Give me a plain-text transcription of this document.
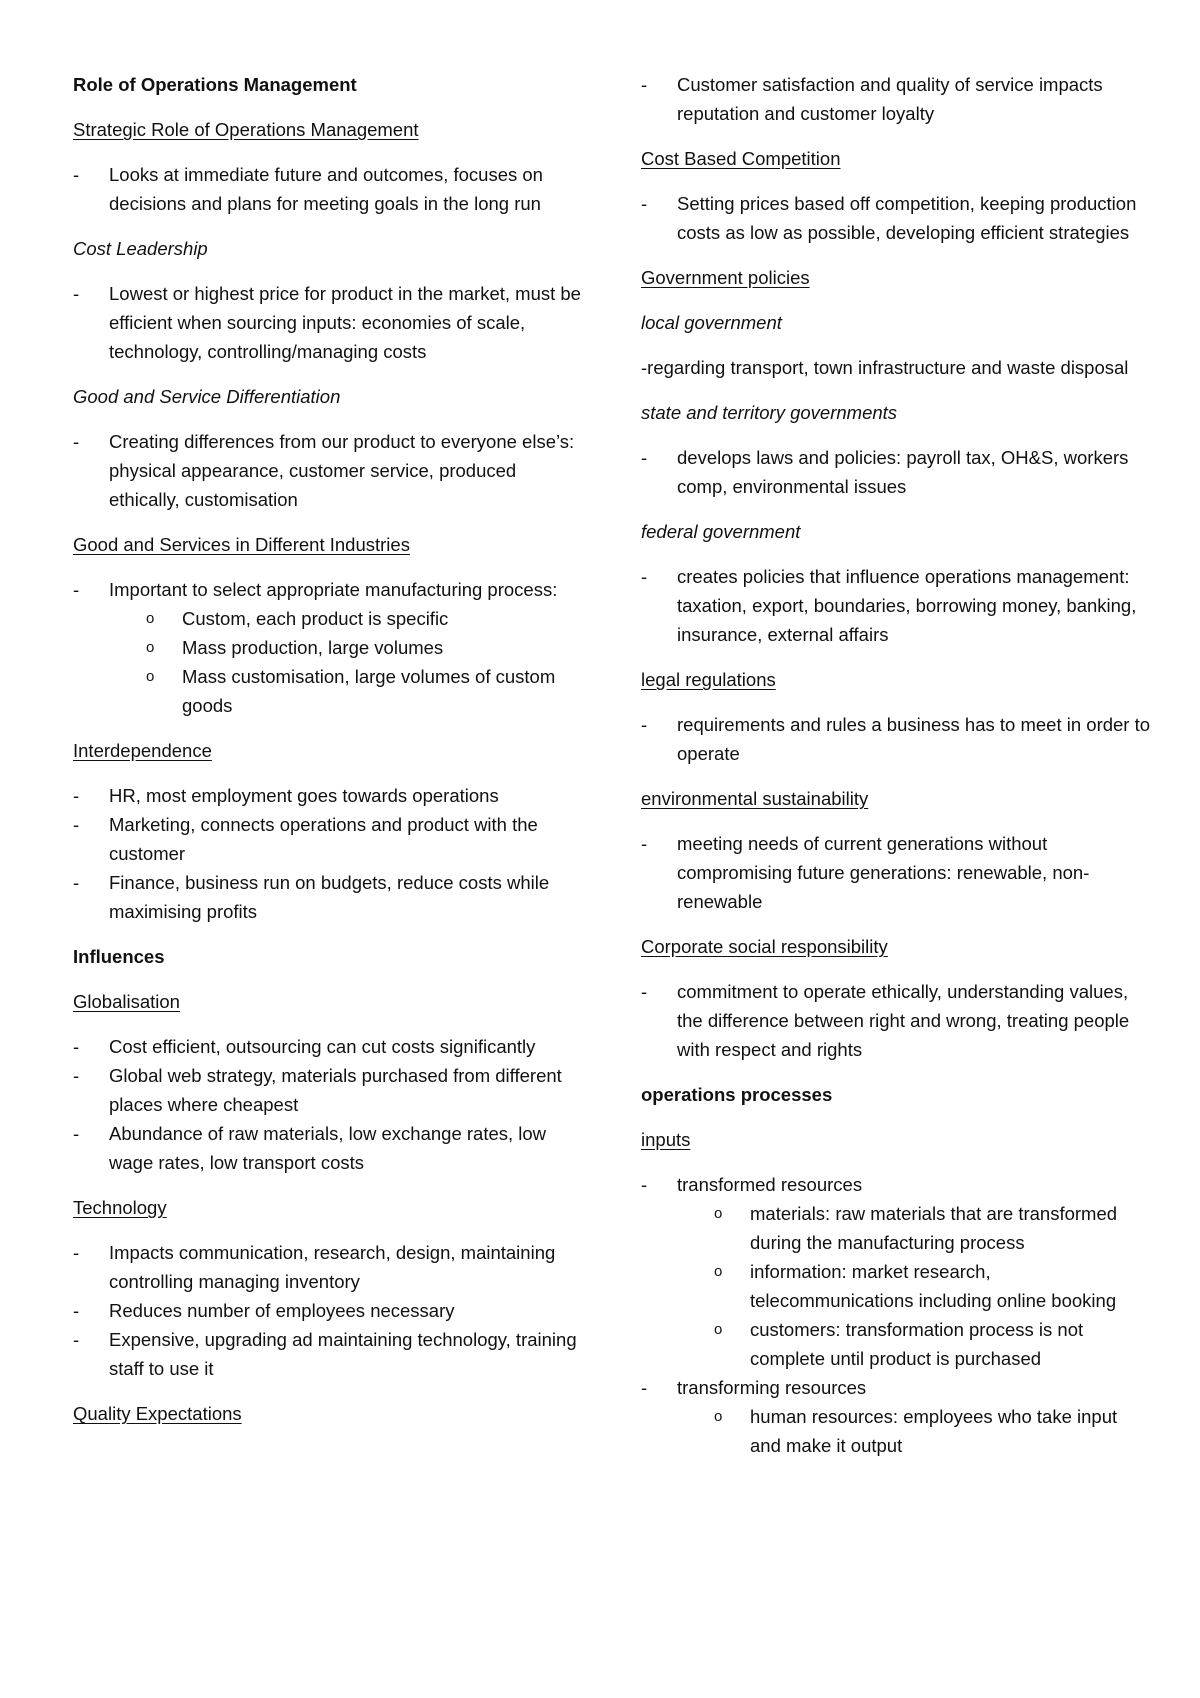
Role of Operations Management
Strategic Role of Operations Management
-	Looks at immediate future and outcomes, focuses on decisions and plans for meeting goals in the long run
Cost Leadership
-	Lowest or highest price for product in the market, must be efficient when sourcing inputs: economies of scale, technology, controlling/managing costs
Good and Service Differentiation
-	Creating differences from our product to everyone else’s: physical appearance, customer service, produced ethically, customisation
Good and Services in Different Industries
-	Important to select appropriate manufacturing process:
o	Custom, each product is specific
o	Mass production, large volumes
o	Mass customisation, large volumes of custom goods
Interdependence
-	HR, most employment goes towards operations
-	Marketing, connects operations and product with the customer
-	Finance, business run on budgets, reduce costs while maximising profits
Influences
Globalisation
-	Cost efficient, outsourcing can cut costs significantly
-	Global web strategy, materials purchased from different places where cheapest
-	Abundance of raw materials, low exchange rates, low wage rates, low transport costs
Technology
-	Impacts communication, research, design, maintaining controlling managing inventory
-	Reduces number of employees necessary
-	Expensive, upgrading ad maintaining technology, training staff to use it
Quality Expectations
-	Customer satisfaction and quality of service impacts reputation and customer loyalty
Cost Based Competition
-	Setting prices based off competition, keeping production costs as low as possible, developing efficient strategies
Government policies
local government
-regarding transport, town infrastructure and waste disposal
state and territory governments
-	develops laws and policies: payroll tax, OH&S, workers comp, environmental issues
federal government
-	creates policies that influence operations management: taxation, export, boundaries, borrowing money, banking, insurance, external affairs
legal regulations
-	requirements and rules a business has to meet in order to operate
environmental sustainability
-	meeting needs of current generations without compromising future generations: renewable, non-renewable
Corporate social responsibility
-	commitment to operate ethically, understanding values, the difference between right and wrong, treating people with respect and rights
operations processes
inputs
-	transformed resources
o	materials: raw materials that are transformed during the manufacturing process
o	information: market research, telecommunications including online booking
o	customers: transformation process is not complete until product is purchased
-	transforming resources
o	human resources: employees who take input and make it output
